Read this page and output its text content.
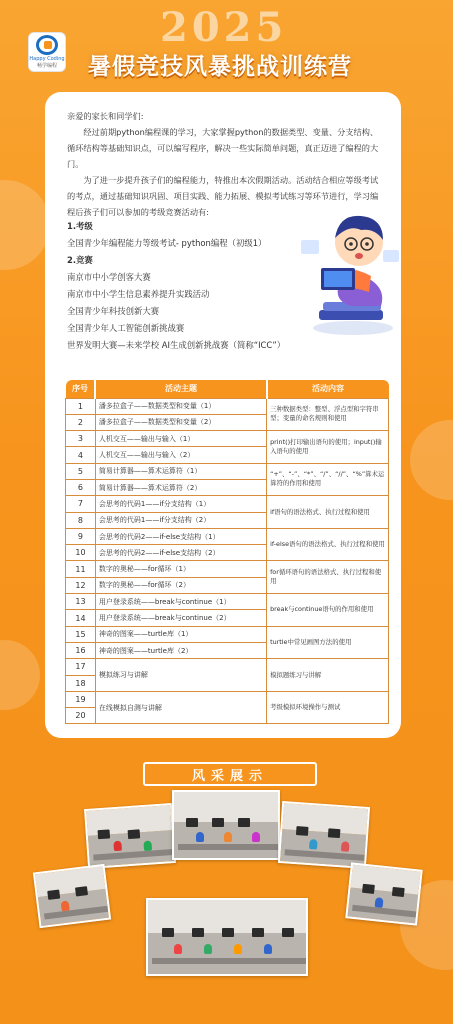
Happy Coding
畅学编程
2025
暑假竞技风暴挑战训练营

亲爱的家长和同学们:

经过前期python编程课的学习，大家掌握python的数据类型、变量、分支结构、循环结构等基础知识点，可以编写程序，解决一些实际简单问题，真正迈进了编程的大门。

为了进一步提升孩子们的编程能力，特推出本次假期活动。活动结合相应等级考试的考点，通过基础知识巩固、项目实践、能力拓展、模拟考试练习等环节进行，学习编程后孩子们可以参加的考级竞赛活动有:

1.考级
全国青少年编程能力等级考试- python编程（初级1）
2.竞赛
南京市中小学创客大赛
南京市中小学生信息素养提升实践活动
全国青少年科技创新大赛
全国青少年人工智能创新挑战赛
世界发明大赛—未来学校 AI生成创新挑战赛（简称“ICC”）
序号	活动主题	活动内容
1	潘多拉盒子——数据类型和变量（1）	三种数据类型：整型、浮点型和字符串型；变量的命名规则和使用
2	潘多拉盒子——数据类型和变量（2）	
3	人机交互——输出与输入（1）	print()打印输出语句的使用；input()输入语句的使用
4	人机交互——输出与输入（2）	
5	简易计算器——算术运算符（1）	“+”、“-”、“*”、“/”、“//”、“%”算术运算符的作用和使用
6	简易计算器——算术运算符（2）	
7	会思考的代码1——if分支结构（1）	if语句的语法格式、执行过程和使用
8	会思考的代码1——if分支结构（2）	
9	会思考的代码2——if-else支结构（1）	if-else语句的语法格式、执行过程和使用
10	会思考的代码2——if-else支结构（2）	
11	数字的奥秘——for循环（1）	for循环语句的语法格式、执行过程和使用
12	数字的奥秘——for循环（2）	
13	用户登录系统——break与continue（1）	break与continue语句的作用和使用
14	用户登录系统——break与continue（2）	
15	神奇的图案——turtle库（1）	turtle中常见画图方法的使用
16	神奇的图案——turtle库（2）	
17	模拟练习与讲解	模拟题练习与讲解
18		
19	在线模拟自测与讲解	考级模拟环境操作与测试
20		
风采展示
